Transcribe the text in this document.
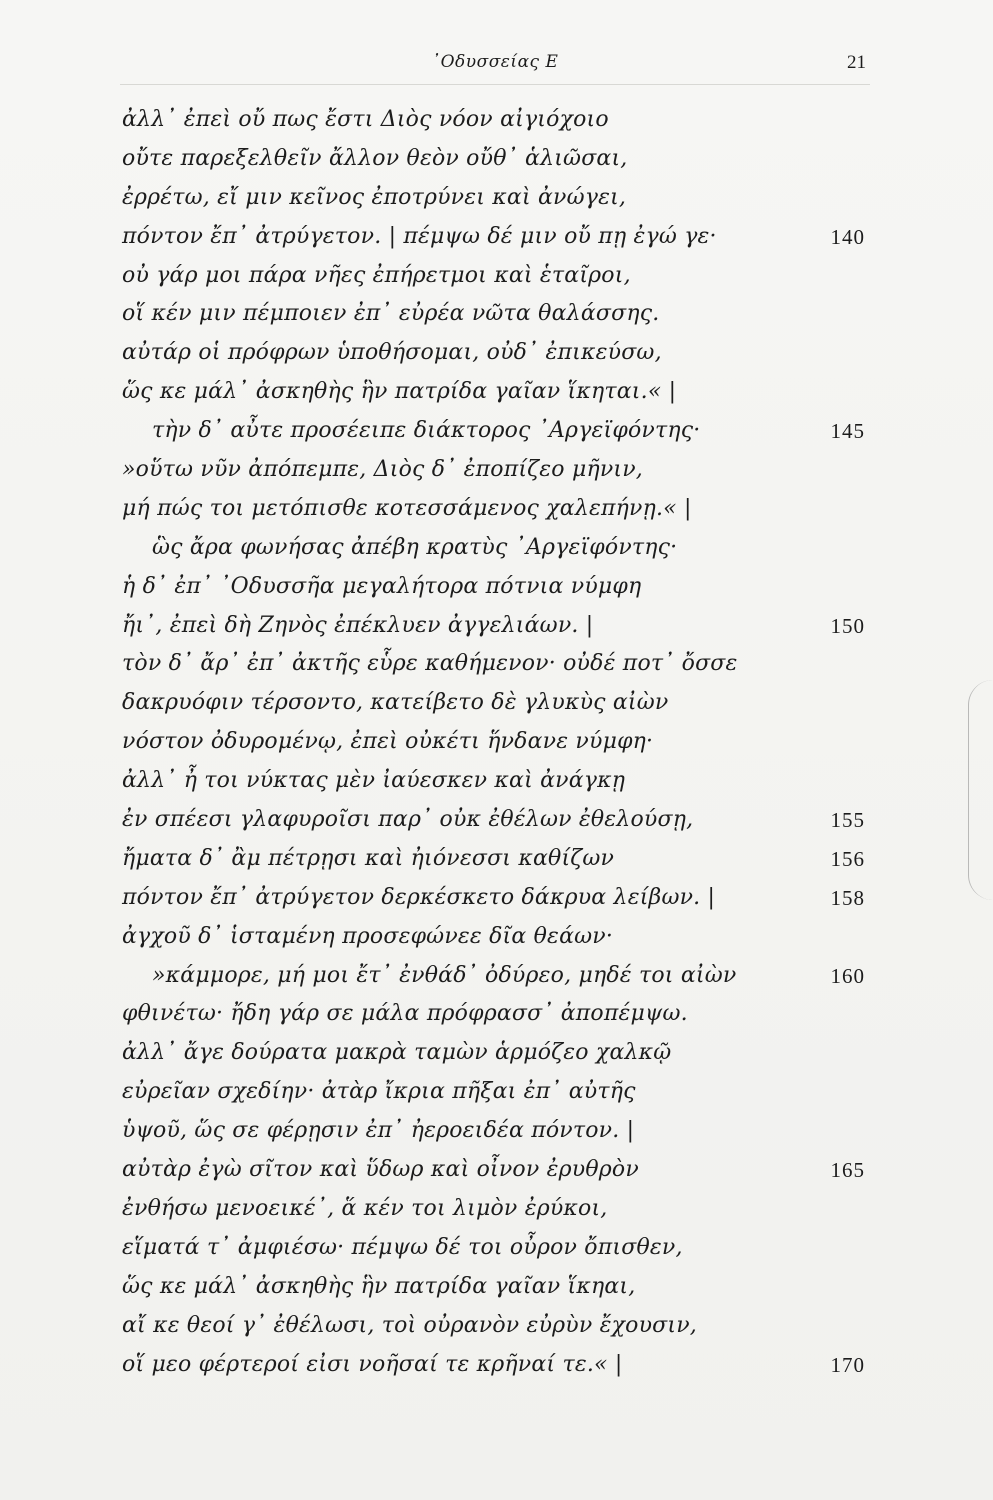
᾿Οδυσσείας Ε	21
ἀλλ᾿ ἐπεὶ οὔ πως ἔστι Διὸς νόον αἰγιόχοιο
οὔτε παρεξελθεῖν ἄλλον θεὸν οὔθ᾿ ἁλιῶσαι,
ἐρρέτω, εἴ μιν κεῖνος ἐποτρύνει καὶ ἀνώγει,
πόντον ἔπ᾿ ἀτρύγετον. | πέμψω δέ μιν οὔ πῃ ἐγώ γε·	140
οὐ γάρ μοι πάρα νῆες ἐπήρετμοι καὶ ἑταῖροι,
οἵ κέν μιν πέμποιεν ἐπ᾿ εὐρέα νῶτα θαλάσσης.
αὐτάρ οἱ πρόφρων ὑποθήσομαι, οὐδ᾿ ἐπικεύσω,
ὥς κε μάλ᾿ ἀσκηθὴς ἣν πατρίδα γαῖαν ἵκηται.« |
τὴν δ᾿ αὖτε προσέειπε διάκτορος ᾿Αργεϊφόντης·	145
»οὕτω νῦν ἀπόπεμπε, Διὸς δ᾿ ἐποπίζεο μῆνιν,
μή πώς τοι μετόπισθε κοτεσσάμενος χαλεπήνῃ.« |
ὣς ἄρα φωνήσας ἀπέβη κρατὺς ᾿Αργεϊφόντης·
ἡ δ᾿ ἐπ᾿ ᾿Οδυσσῆα μεγαλήτορα πότνια νύμφη
ἤι᾿, ἐπεὶ δὴ Ζηνὸς ἐπέκλυεν ἀγγελιάων. |	150
τὸν δ᾿ ἄρ᾿ ἐπ᾿ ἀκτῆς εὗρε καθήμενον· οὐδέ ποτ᾿ ὄσσε
δακρυόφιν τέρσοντο, κατείβετο δὲ γλυκὺς αἰὼν
νόστον ὀδυρομένῳ, ἐπεὶ οὐκέτι ἥνδανε νύμφη·
ἀλλ᾿ ἦ τοι νύκτας μὲν ἰαύεσκεν καὶ ἀνάγκῃ
ἐν σπέεσι γλαφυροῖσι παρ᾿ οὐκ ἐθέλων ἐθελούσῃ,	155
ἤματα δ᾿ ἂμ πέτρῃσι καὶ ἠιόνεσσι καθίζων	156
πόντον ἔπ᾿ ἀτρύγετον δερκέσκετο δάκρυα λείβων. |	158
ἀγχοῦ δ᾿ ἱσταμένη προσεφώνεε δῖα θεάων·
»κάμμορε, μή μοι ἔτ᾿ ἐνθάδ᾿ ὀδύρεο, μηδέ τοι αἰὼν	160
φθινέτω· ἤδη γάρ σε μάλα πρόφρασσ᾿ ἀποπέμψω.
ἀλλ᾿ ἄγε δούρατα μακρὰ ταμὼν ἁρμόζεο χαλκῷ
εὐρεῖαν σχεδίην· ἀτὰρ ἴκρια πῆξαι ἐπ᾿ αὐτῆς
ὑψοῦ, ὥς σε φέρῃσιν ἐπ᾿ ἠεροειδέα πόντον. |
αὐτὰρ ἐγὼ σῖτον καὶ ὕδωρ καὶ οἶνον ἐρυθρὸν	165
ἐνθήσω μενοεικέ᾿, ἅ κέν τοι λιμὸν ἐρύκοι,
εἵματά τ᾿ ἀμφιέσω· πέμψω δέ τοι οὖρον ὄπισθεν,
ὥς κε μάλ᾿ ἀσκηθὴς ἣν πατρίδα γαῖαν ἵκηαι,
αἴ κε θεοί γ᾿ ἐθέλωσι, τοὶ οὐρανὸν εὐρὺν ἔχουσιν,
οἵ μεο φέρτεροί εἰσι νοῆσαί τε κρῆναί τε.« |	170
